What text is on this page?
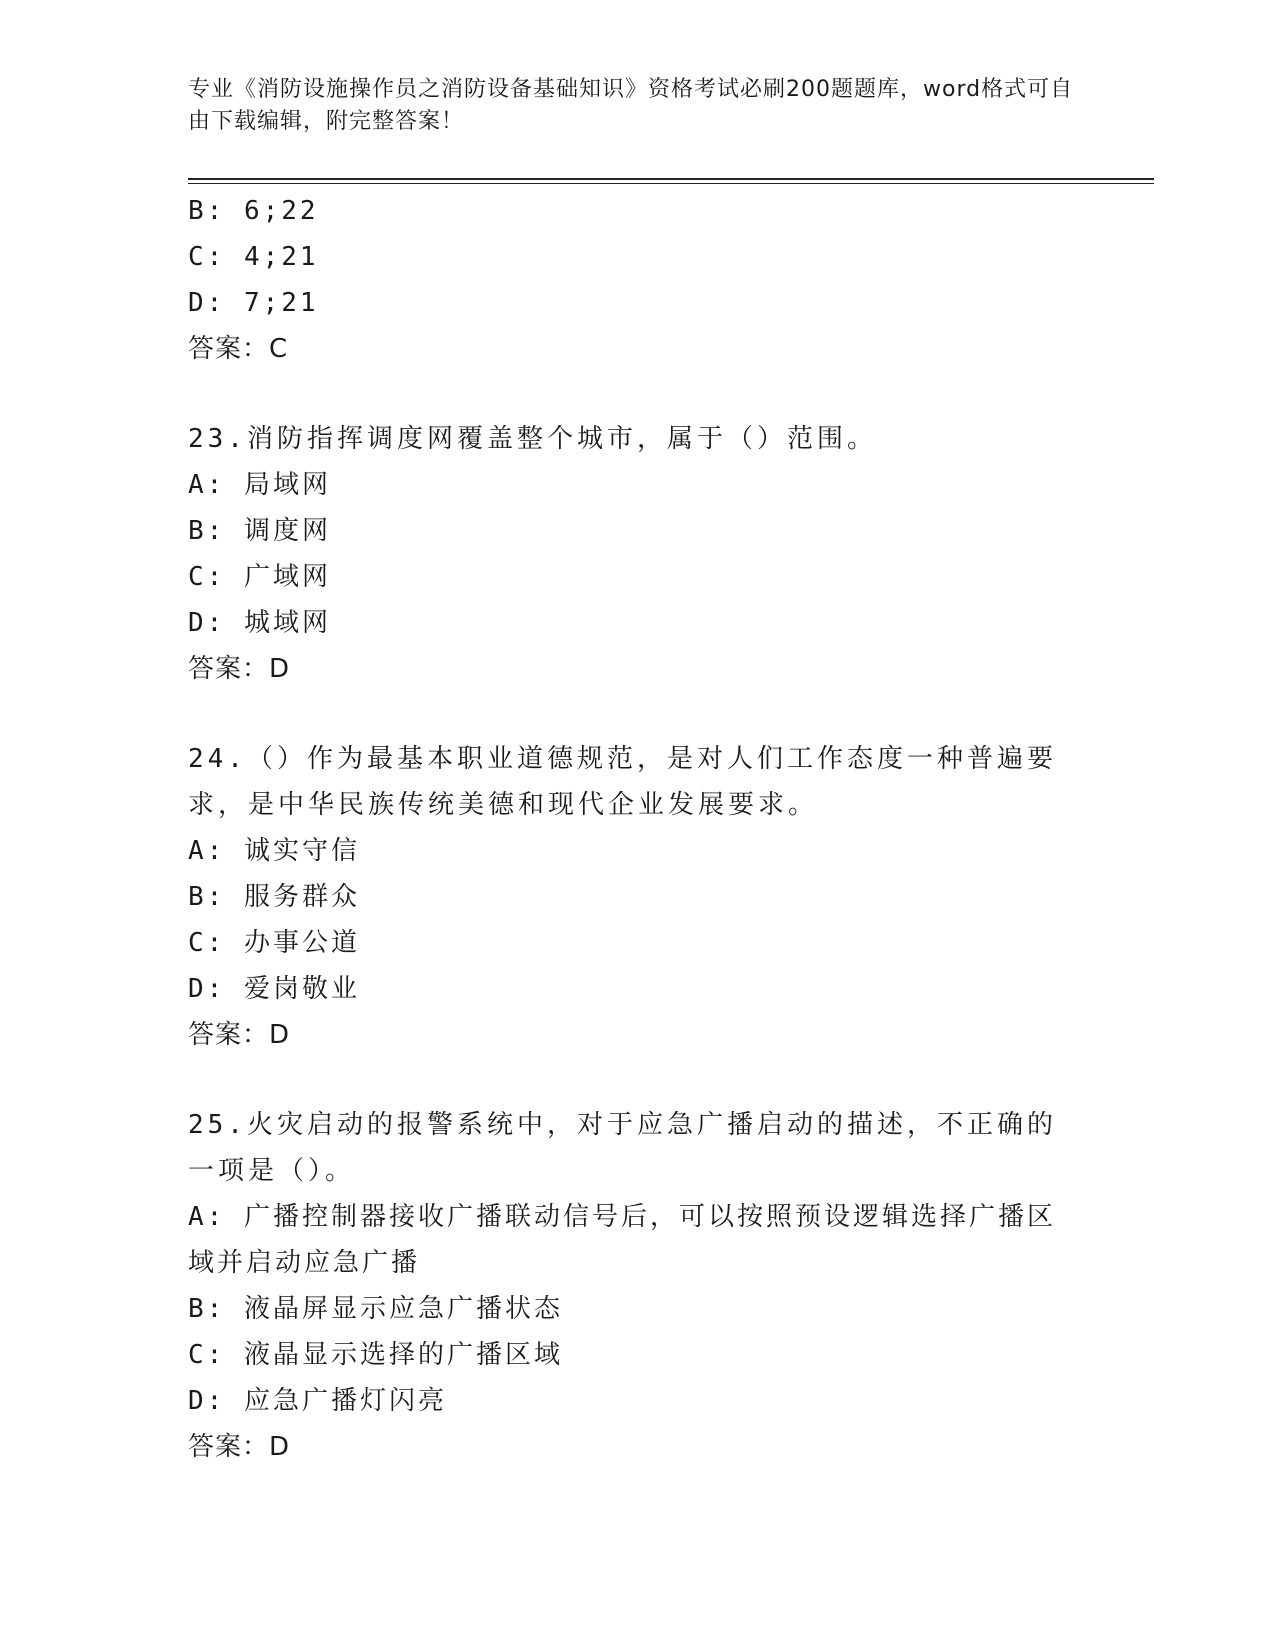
专业《消防设施操作员之消防设备基础知识》资格考试必刷200题题库，word格式可自由下载编辑，附完整答案！
B: 6;22
C: 4;21
D: 7;21
答案：C
23.消防指挥调度网覆盖整个城市，属于（）范围。
A: 局域网
B: 调度网
C: 广域网
D: 城域网
答案：D
24.（）作为最基本职业道德规范，是对人们工作态度一种普遍要求，是中华民族传统美德和现代企业发展要求。
A: 诚实守信
B: 服务群众
C: 办事公道
D: 爱岗敬业
答案：D
25.火灾启动的报警系统中，对于应急广播启动的描述，不正确的一项是（）。
A: 广播控制器接收广播联动信号后，可以按照预设逻辑选择广播区域并启动应急广播
B: 液晶屏显示应急广播状态
C: 液晶显示选择的广播区域
D: 应急广播灯闪亮
答案：D
